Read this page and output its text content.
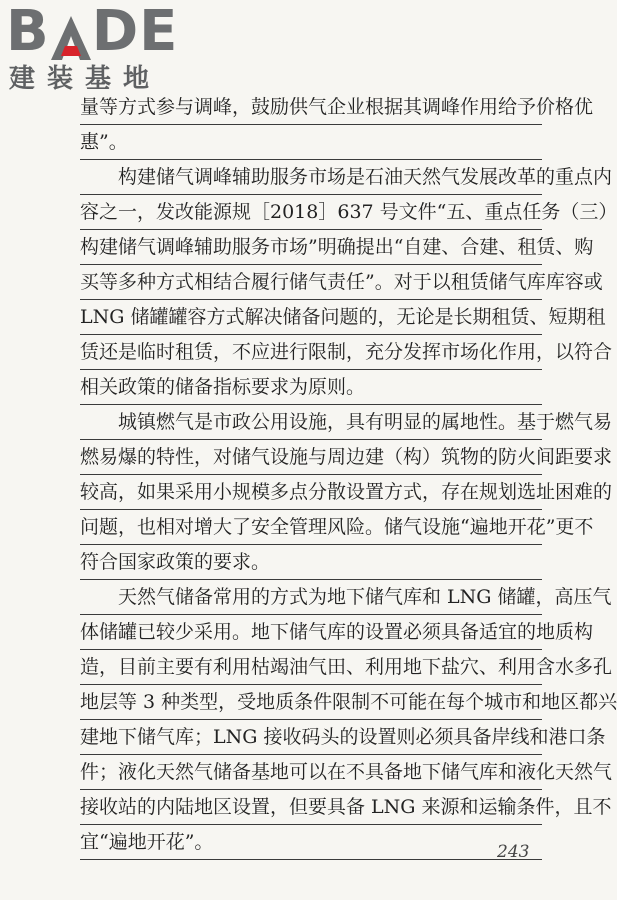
B DE
建装基地
量等方式参与调峰，鼓励供气企业根据其调峰作用给予价格优
惠”。
构建储气调峰辅助服务市场是石油天然气发展改革的重点内
容之一，发改能源规［2018］637 号文件“五、重点任务（三）
构建储气调峰辅助服务市场”明确提出“自建、合建、租赁、购
买等多种方式相结合履行储气责任”。对于以租赁储气库库容或
LNG 储罐罐容方式解决储备问题的，无论是长期租赁、短期租
赁还是临时租赁，不应进行限制，充分发挥市场化作用，以符合
相关政策的储备指标要求为原则。
城镇燃气是市政公用设施，具有明显的属地性。基于燃气易
燃易爆的特性，对储气设施与周边建（构）筑物的防火间距要求
较高，如果采用小规模多点分散设置方式，存在规划选址困难的
问题，也相对增大了安全管理风险。储气设施“遍地开花”更不
符合国家政策的要求。
天然气储备常用的方式为地下储气库和 LNG 储罐，高压气
体储罐已较少采用。地下储气库的设置必须具备适宜的地质构
造，目前主要有利用枯竭油气田、利用地下盐穴、利用含水多孔
地层等 3 种类型，受地质条件限制不可能在每个城市和地区都兴
建地下储气库；LNG 接收码头的设置则必须具备岸线和港口条
件；液化天然气储备基地可以在不具备地下储气库和液化天然气
接收站的内陆地区设置，但要具备 LNG 来源和运输条件，且不
宜“遍地开花”。	243
